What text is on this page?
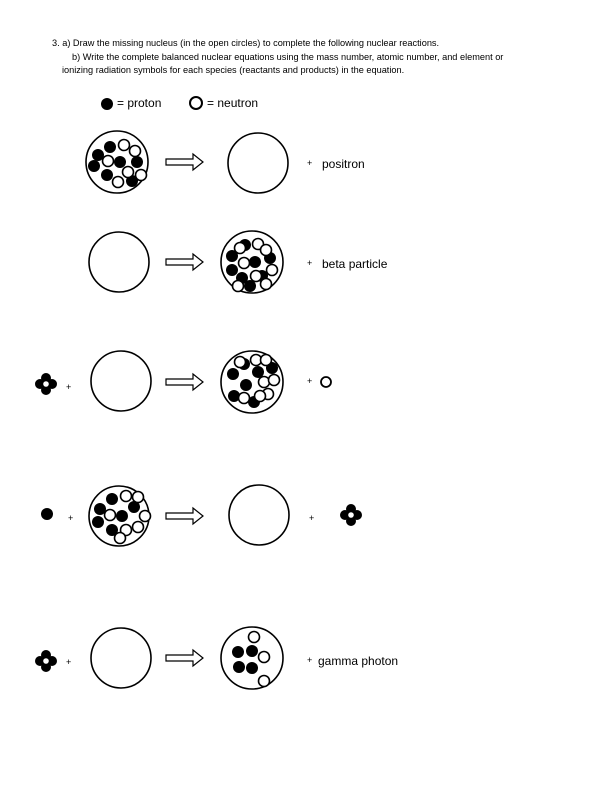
3. a) Draw the missing nucleus (in the open circles) to complete the following nuclear reactions.

b) Write the complete balanced nuclear equations using the mass number, atomic number, and element or

ionizing radiation symbols for each species (reactants and products) in the equation.

= proton	= neutron
+ positron
+ beta particle
+
+
+	+
+	+ gamma photon
